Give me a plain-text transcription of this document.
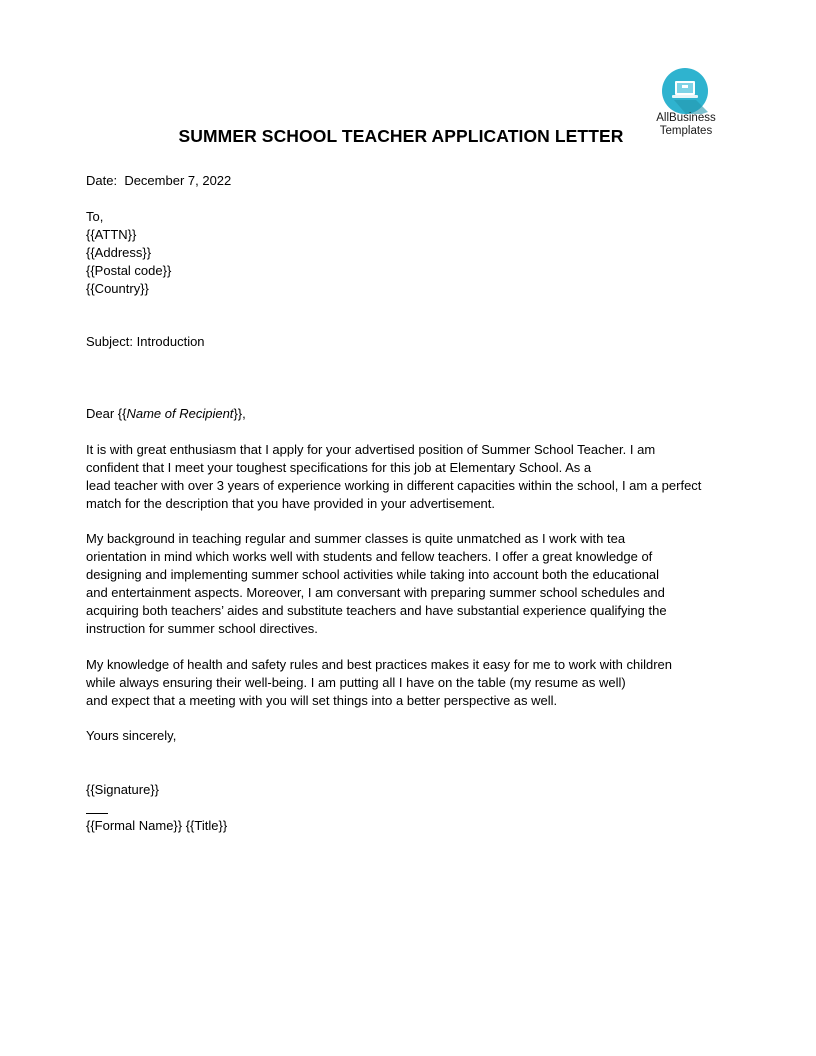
AllBusiness
Templates
SUMMER SCHOOL TEACHER APPLICATION LETTER
Date: December 7, 2022
To,
{{ATTN}}
{{Address}}
{{Postal code}}
{{Country}}
Subject: Introduction
Dear {{Name of Recipient}},
It is with great enthusiasm that I apply for your advertised position of Summer School Teacher. I am
confident that I meet your toughest specifications for this job at Elementary School. As a
lead teacher with over 3 years of experience working in different capacities within the school, I am a perfect
match for the description that you have provided in your advertisement.
My background in teaching regular and summer classes is quite unmatched as I work with tea
orientation in mind which works well with students and fellow teachers. I offer a great knowledge of
designing and implementing summer school activities while taking into account both the educational
and entertainment aspects. Moreover, I am conversant with preparing summer school schedules and
acquiring both teachers’ aides and substitute teachers and have substantial experience qualifying the
instruction for summer school directives.
My knowledge of health and safety rules and best practices makes it easy for me to work with children
while always ensuring their well-being. I am putting all I have on the table (my resume as well)
and expect that a meeting with you will set things into a better perspective as well.
Yours sincerely,
{{Signature}}
{{Formal Name}} {{Title}}
